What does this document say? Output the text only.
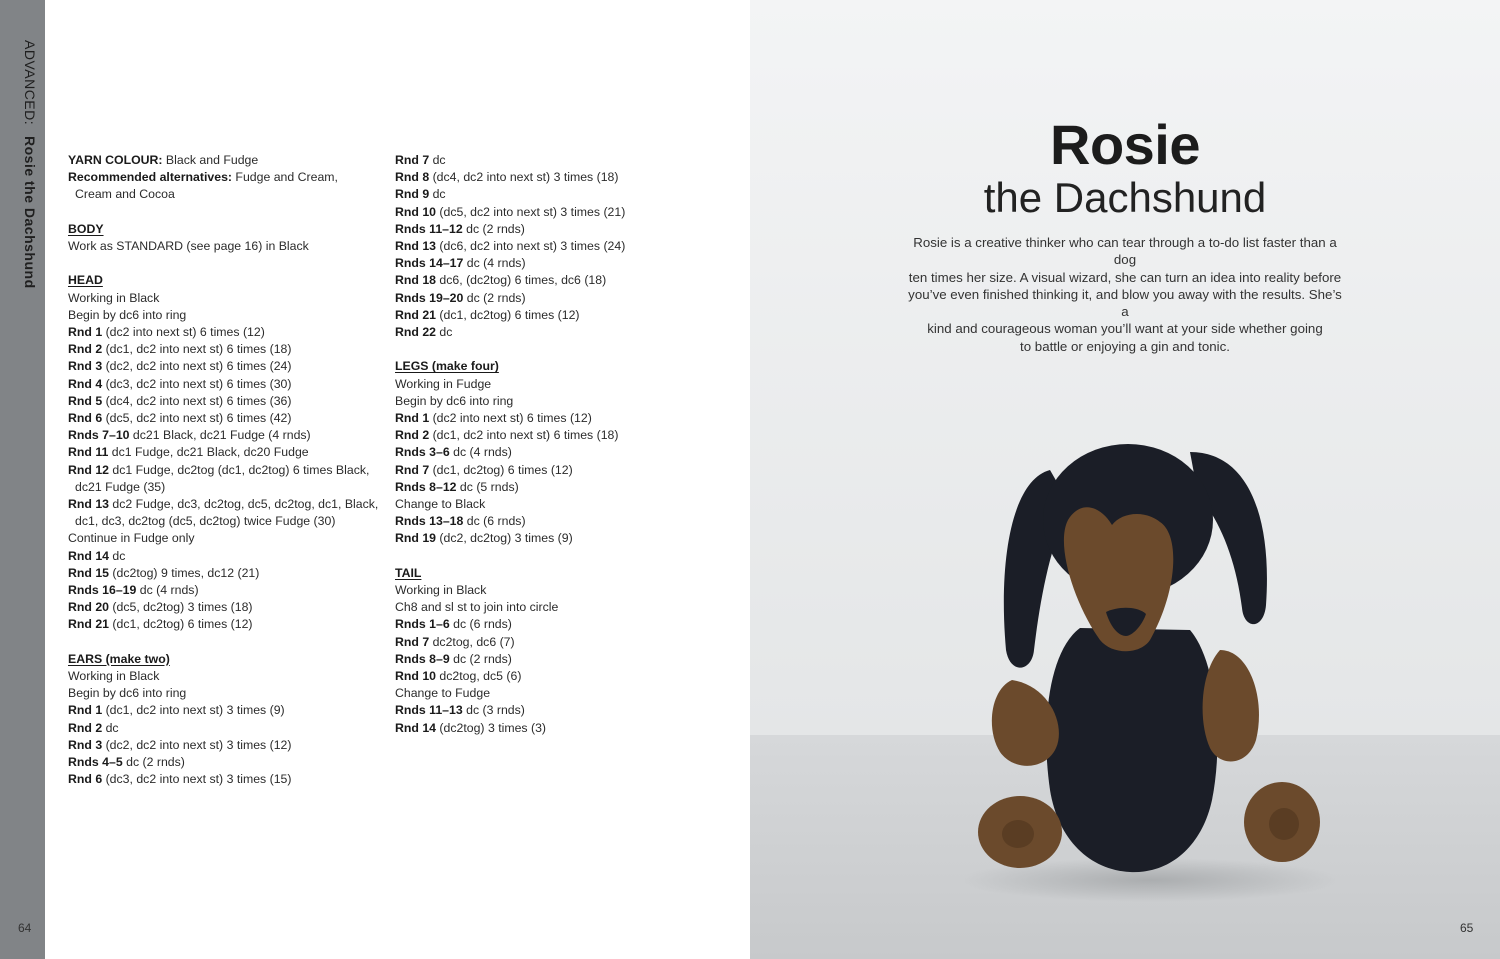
ADVANCED: Rosie the Dachshund
64
YARN COLOUR: Black and Fudge
Recommended alternatives: Fudge and Cream,
Cream and Cocoa
BODY
Work as STANDARD (see page 16) in Black
HEAD
Working in Black
Begin by dc6 into ring
Rnd 1 (dc2 into next st) 6 times (12)
Rnd 2 (dc1, dc2 into next st) 6 times (18)
Rnd 3 (dc2, dc2 into next st) 6 times (24)
Rnd 4 (dc3, dc2 into next st) 6 times (30)
Rnd 5 (dc4, dc2 into next st) 6 times (36)
Rnd 6 (dc5, dc2 into next st) 6 times (42)
Rnds 7–10 dc21 Black, dc21 Fudge (4 rnds)
Rnd 11 dc1 Fudge, dc21 Black, dc20 Fudge
Rnd 12 dc1 Fudge, dc2tog (dc1, dc2tog) 6 times Black,
dc21 Fudge (35)
Rnd 13 dc2 Fudge, dc3, dc2tog, dc5, dc2tog, dc1, Black,
dc1, dc3, dc2tog (dc5, dc2tog) twice Fudge (30)
Continue in Fudge only
Rnd 14 dc
Rnd 15 (dc2tog) 9 times, dc12 (21)
Rnds 16–19 dc (4 rnds)
Rnd 20 (dc5, dc2tog) 3 times (18)
Rnd 21 (dc1, dc2tog) 6 times (12)
EARS (make two)
Working in Black
Begin by dc6 into ring
Rnd 1 (dc1, dc2 into next st) 3 times (9)
Rnd 2 dc
Rnd 3 (dc2, dc2 into next st) 3 times (12)
Rnds 4–5 dc (2 rnds)
Rnd 6 (dc3, dc2 into next st) 3 times (15)
Rnd 7 dc
Rnd 8 (dc4, dc2 into next st) 3 times (18)
Rnd 9 dc
Rnd 10 (dc5, dc2 into next st) 3 times (21)
Rnds 11–12 dc (2 rnds)
Rnd 13 (dc6, dc2 into next st) 3 times (24)
Rnds 14–17 dc (4 rnds)
Rnd 18 dc6, (dc2tog) 6 times, dc6 (18)
Rnds 19–20 dc (2 rnds)
Rnd 21 (dc1, dc2tog) 6 times (12)
Rnd 22 dc
LEGS (make four)
Working in Fudge
Begin by dc6 into ring
Rnd 1 (dc2 into next st) 6 times (12)
Rnd 2 (dc1, dc2 into next st) 6 times (18)
Rnds 3–6 dc (4 rnds)
Rnd 7 (dc1, dc2tog) 6 times (12)
Rnds 8–12 dc (5 rnds)
Change to Black
Rnds 13–18 dc (6 rnds)
Rnd 19 (dc2, dc2tog) 3 times (9)
TAIL
Working in Black
Ch8 and sl st to join into circle
Rnds 1–6 dc (6 rnds)
Rnd 7 dc2tog, dc6 (7)
Rnds 8–9 dc (2 rnds)
Rnd 10 dc2tog, dc5 (6)
Change to Fudge
Rnds 11–13 dc (3 rnds)
Rnd 14 (dc2tog) 3 times (3)
Rosie
the Dachshund
Rosie is a creative thinker who can tear through a to-do list faster than a dog
ten times her size. A visual wizard, she can turn an idea into reality before
you’ve even finished thinking it, and blow you away with the results. She’s a
kind and courageous woman you’ll want at your side whether going
to battle or enjoying a gin and tonic.
65
